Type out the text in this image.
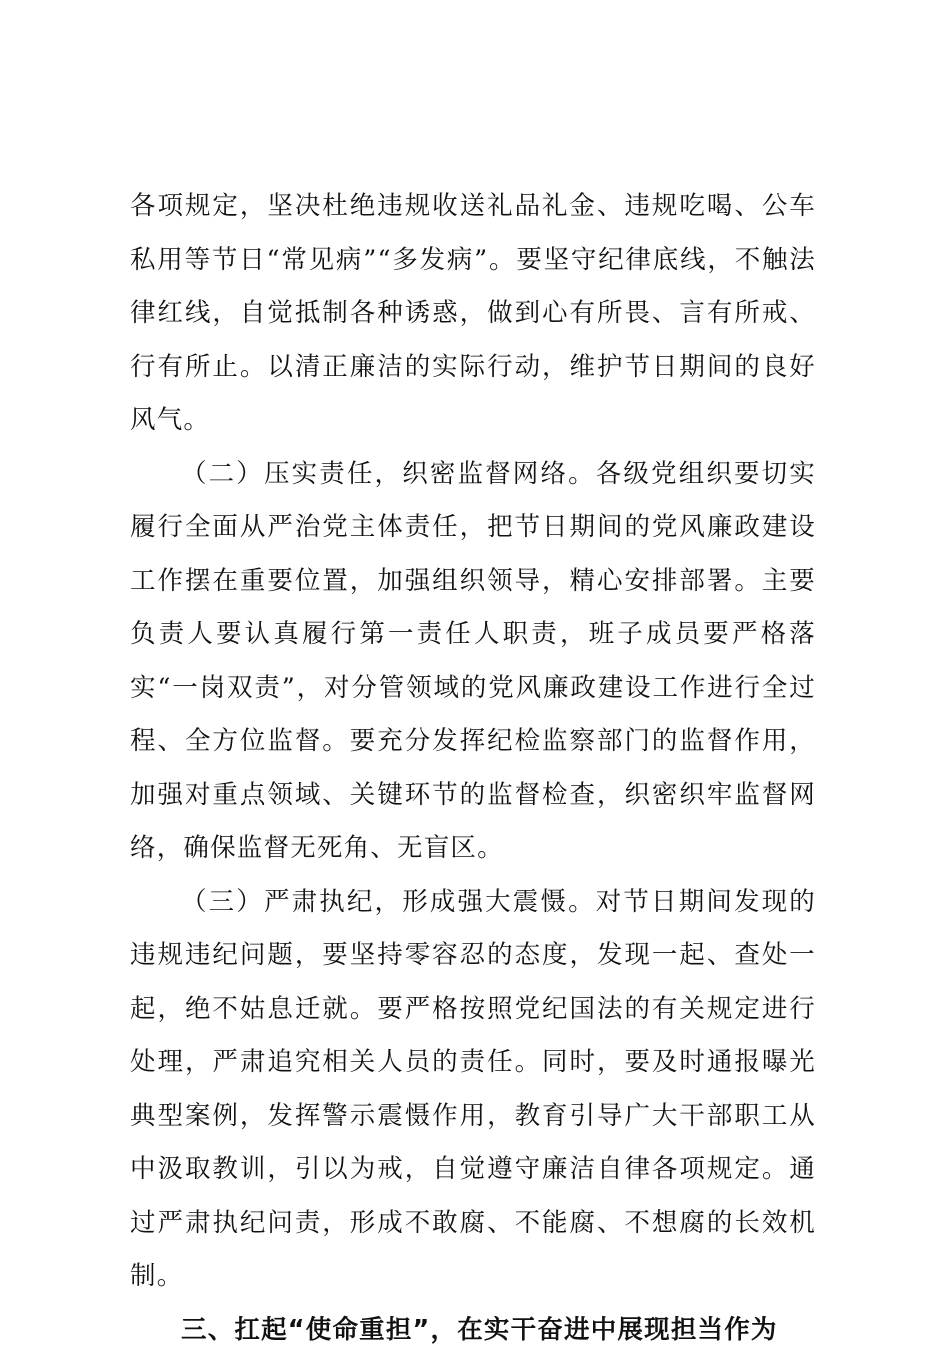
各项规定，坚决杜绝违规收送礼品礼金、违规吃喝、公车私用等节日“常见病”“多发病”。要坚守纪律底线，不触法律红线，自觉抵制各种诱惑，做到心有所畏、言有所戒、行有所止。以清正廉洁的实际行动，维护节日期间的良好风气。

（二）压实责任，织密监督网络。各级党组织要切实履行全面从严治党主体责任，把节日期间的党风廉政建设工作摆在重要位置，加强组织领导，精心安排部署。主要负责人要认真履行第一责任人职责，班子成员要严格落实“一岗双责”，对分管领域的党风廉政建设工作进行全过程、全方位监督。要充分发挥纪检监察部门的监督作用，加强对重点领域、关键环节的监督检查，织密织牢监督网络，确保监督无死角、无盲区。

（三）严肃执纪，形成强大震慑。对节日期间发现的违规违纪问题，要坚持零容忍的态度，发现一起、查处一起，绝不姑息迁就。要严格按照党纪国法的有关规定进行处理，严肃追究相关人员的责任。同时，要及时通报曝光典型案例，发挥警示震慑作用，教育引导广大干部职工从中汲取教训，引以为戒，自觉遵守廉洁自律各项规定。通过严肃执纪问责，形成不敢腐、不能腐、不想腐的长效机制。

三、扛起“使命重担”，在实干奋进中展现担当作为
